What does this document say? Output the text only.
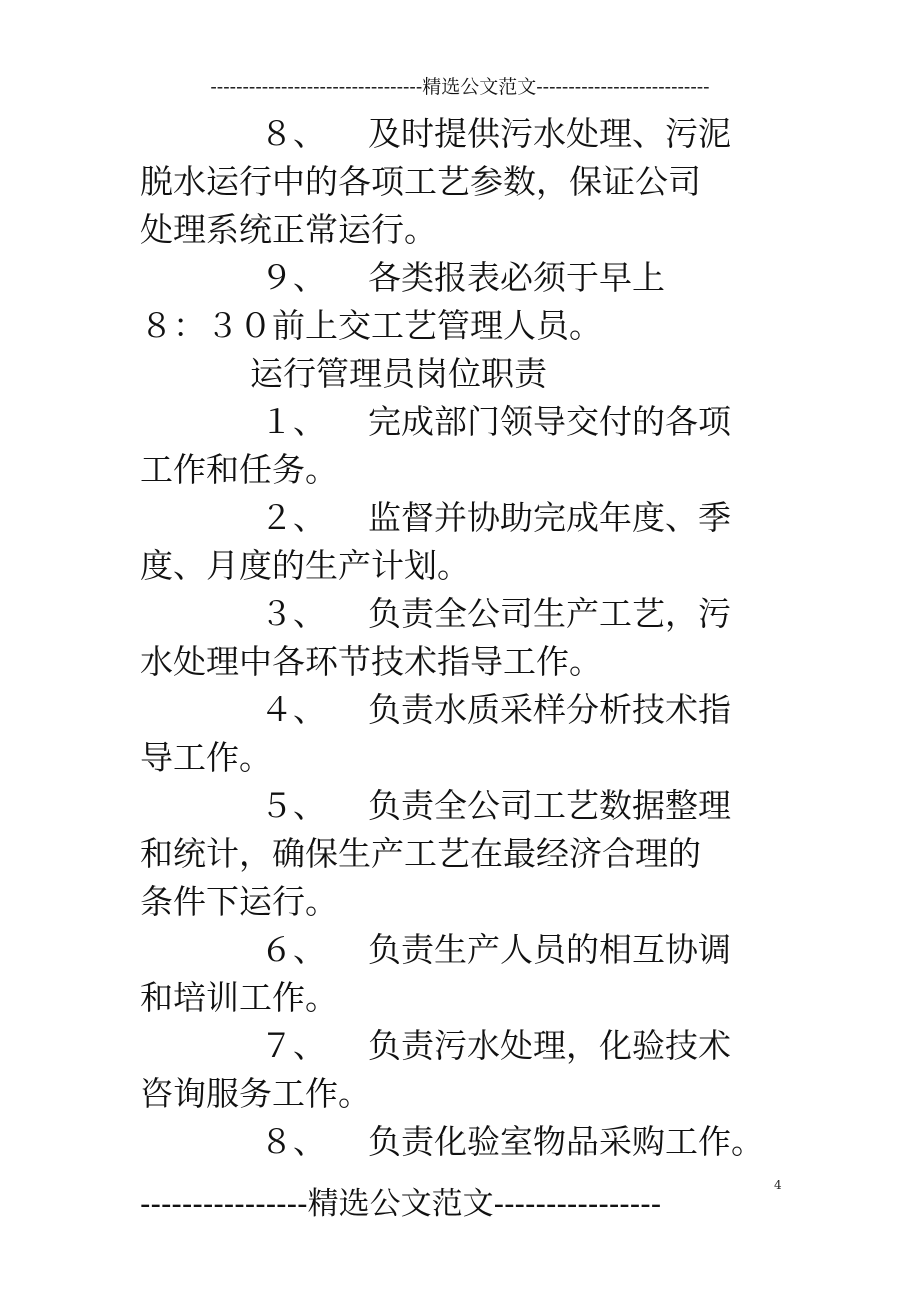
---------------------------------精选公文范文---------------------------
８、 及时提供污水处理、污泥
脱水运行中的各项工艺参数，保证公司
处理系统正常运行。
９、 各类报表必须于早上
８：３０前上交工艺管理人员。
运行管理员岗位职责
１、 完成部门领导交付的各项
工作和任务。
２、 监督并协助完成年度、季
度、月度的生产计划。
３、 负责全公司生产工艺，污
水处理中各环节技术指导工作。
４、 负责水质采样分析技术指
导工作。
５、 负责全公司工艺数据整理
和统计，确保生产工艺在最经济合理的
条件下运行。
６、 负责生产人员的相互协调
和培训工作。
７、 负责污水处理，化验技术
咨询服务工作。
８、 负责化验室物品采购工作。
4
----------------精选公文范文----------------
